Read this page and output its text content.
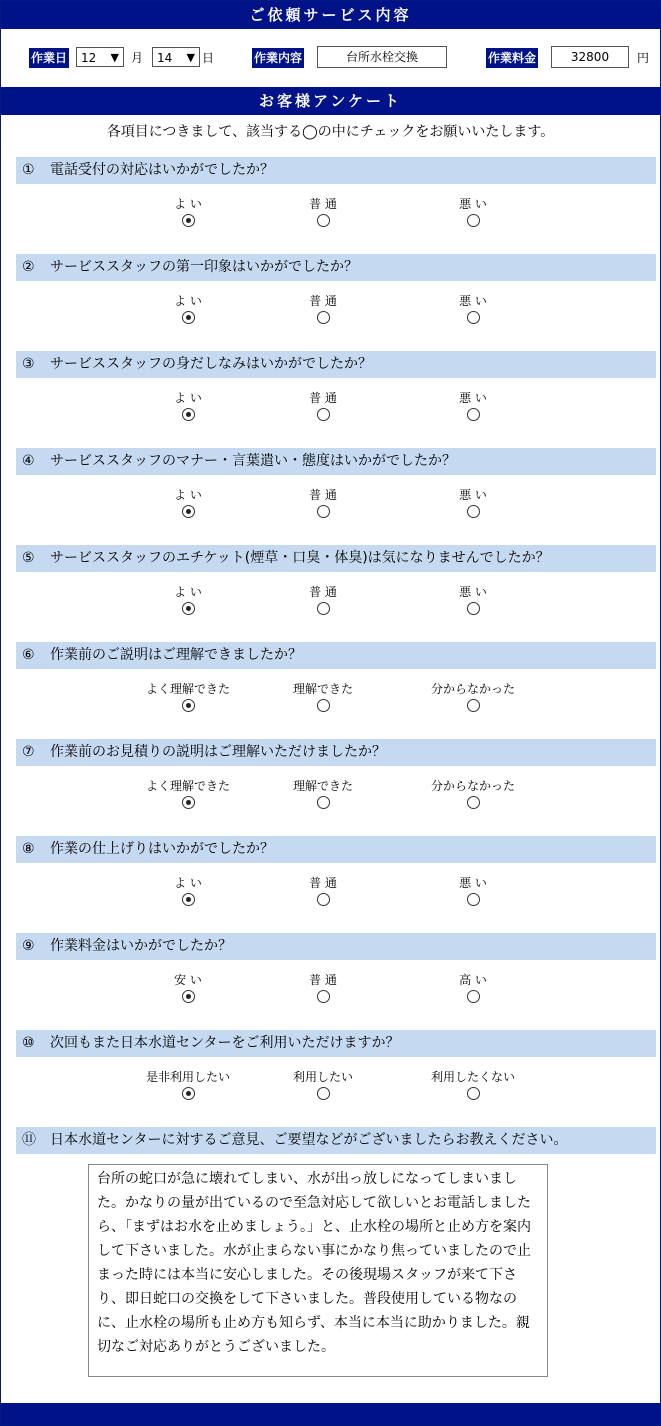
ご依頼サービス内容
作業日	12 ▼ 月	14 ▼ 日	作業内容	台所水栓交換	作業料金	32800	円
お客様アンケート
各項目につきまして、該当する◯の中にチェックをお願いいたします。
① 電話受付の対応はいかがでしたか？
よ い	普 通	悪 い
② サービススタッフの第一印象はいかがでしたか？
よ い	普 通	悪 い
③ サービススタッフの身だしなみはいかがでしたか？
よ い	普 通	悪 い
④ サービススタッフのマナー・言葉遣い・態度はいかがでしたか？
よ い	普 通	悪 い
⑤ サービススタッフのエチケット(煙草・口臭・体臭)は気になりませんでしたか？
よ い	普 通	悪 い
⑥ 作業前のご説明はご理解できましたか？
よく理解できた	理解できた	分からなかった
⑦ 作業前のお見積りの説明はご理解いただけましたか？
よく理解できた	理解できた	分からなかった
⑧ 作業の仕上げりはいかがでしたか？
よ い	普 通	悪 い
⑨ 作業料金はいかがでしたか？
安 い	普 通	高 い
⑩ 次回もまた日本水道センターをご利用いただけますか？
是非利用したい	利用したい	利用したくない
⑪ 日本水道センターに対するご意見、ご要望などがございましたらお教えください。
台所の蛇口が急に壊れてしまい、水が出っ放しになってしまいました。かなりの量が出ているので至急対応して欲しいとお電話しましたら、「まずはお水を止めましょう。」と、止水栓の場所と止め方を案内して下さいました。水が止まらない事にかなり焦っていましたので止まった時には本当に安心しました。その後現場スタッフが来て下さり、即日蛇口の交換をして下さいました。普段使用している物なのに、止水栓の場所も止め方も知らず、本当に本当に助かりました。親切なご対応ありがとうございました。
